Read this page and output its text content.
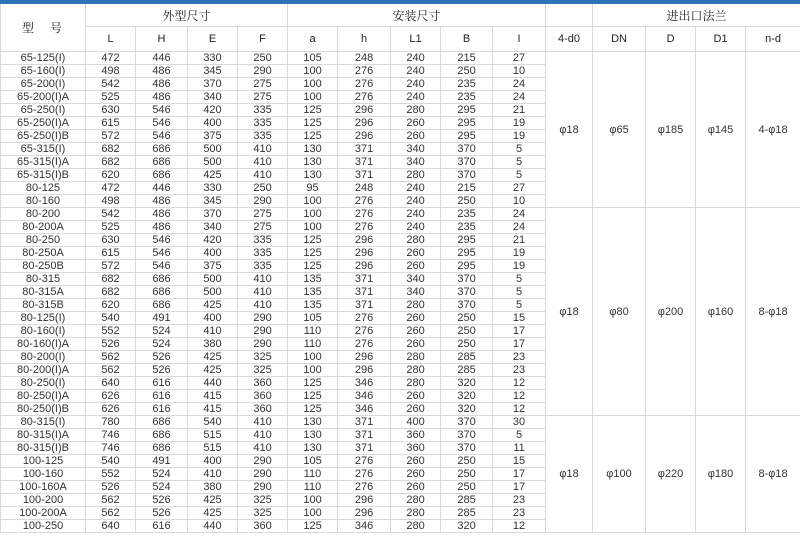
型　号	外型尺寸				安装尺寸						进出口法兰			
	L	H	E	F	a	h	L1	B	I	4-d0	DN	D	D1	n-d
65-125(I)	472	446	330	250	105	248	240	215	27	φ18	φ65	φ185	φ145	4-φ18
65-160(I)	498	486	345	290	100	276	240	250	10					
65-200(I)	542	486	370	275	100	276	240	235	24					
65-200(I)A	525	486	340	275	100	276	240	235	24					
65-250(I)	630	546	420	335	125	296	280	295	21					
65-250(I)A	615	546	400	335	125	296	260	295	19					
65-250(I)B	572	546	375	335	125	296	260	295	19					
65-315(I)	682	686	500	410	130	371	340	370	5					
65-315(I)A	682	686	500	410	130	371	340	370	5					
65-315(I)B	620	686	425	410	130	371	280	370	5					
80-125	472	446	330	250	95	248	240	215	27					
80-160	498	486	345	290	100	276	240	250	10					
80-200	542	486	370	275	100	276	240	235	24	φ18	φ80	φ200	φ160	8-φ18
80-200A	525	486	340	275	100	276	240	235	24					
80-250	630	546	420	335	125	296	280	295	21					
80-250A	615	546	400	335	125	296	260	295	19					
80-250B	572	546	375	335	125	296	260	295	19					
80-315	682	686	500	410	135	371	340	370	5					
80-315A	682	686	500	410	135	371	340	370	5					
80-315B	620	686	425	410	135	371	280	370	5					
80-125(I)	540	491	400	290	105	276	260	250	15					
80-160(I)	552	524	410	290	110	276	260	250	17					
80-160(I)A	526	524	380	290	110	276	260	250	17					
80-200(I)	562	526	425	325	100	296	280	285	23					
80-200(I)A	562	526	425	325	100	296	280	285	23					
80-250(I)	640	616	440	360	125	346	280	320	12					
80-250(I)A	626	616	415	360	125	346	260	320	12					
80-250(I)B	626	616	415	360	125	346	260	320	12					
80-315(I)	780	686	540	410	130	371	400	370	30	φ18	φ100	φ220	φ180	8-φ18
80-315(I)A	746	686	515	410	130	371	360	370	5					
80-315(I)B	746	686	515	410	130	371	360	370	11					
100-125	540	491	400	290	105	276	260	250	15					
100-160	552	524	410	290	110	276	260	250	17					
100-160A	526	524	380	290	110	276	260	250	17					
100-200	562	526	425	325	100	296	280	285	23					
100-200A	562	526	425	325	100	296	280	285	23					
100-250	640	616	440	360	125	346	280	320	12					
